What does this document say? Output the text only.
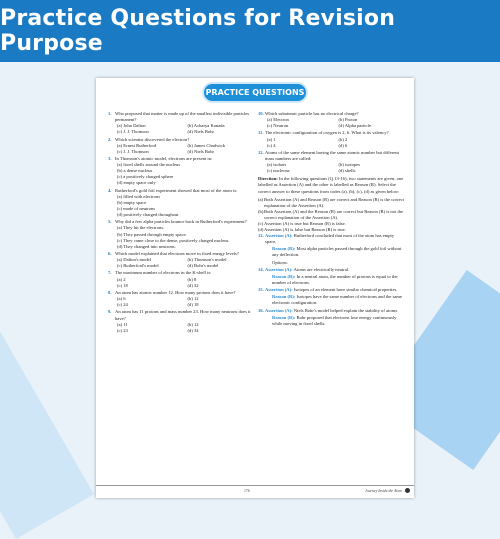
Practice Questions for Revision Purpose
PRACTICE QUESTIONS
1. Who proposed that matter is made up of the smallest indivisible particles permanent?
(a) John Dalton	(b) Acharya Kanada
(c) J. J. Thomson	(d) Niels Bohr
2. Which scientist discovered the electron?
(a) Ernest Rutherford	(b) James Chadwick
(c) J. J. Thomson	(d) Niels Bohr
3. In Thomson's atomic model, electrons are present in:
(a) fixed shells around the nucleus
(b) a dense nucleus
(c) a positively charged sphere
(d) empty space only
4. Rutherford's gold foil experiment showed that most of the atom is:
(a) filled with electrons
(b) empty space
(c) made of neutrons
(d) positively charged throughout
5. Why did a few alpha particles bounce back in Rutherford's experiment?
(a) They hit the electrons.
(b) They passed through empty space.
(c) They came close to the dense, positively charged nucleus.
(d) They changed into neutrons.
6. Which model explained that electrons move in fixed energy levels?
(a) Dalton's model	(b) Thomson's model
(c) Rutherford's model	(d) Bohr's model
7. The maximum number of electrons in the K-shell is:
(a) 2	(b) 8
(c) 18	(d) 32
8. An atom has atomic number 12. How many protons does it have?
(a) 6	(b) 12
(c) 24	(d) 18
9. An atom has 11 protons and mass number 23. How many neutrons does it have?
(a) 11	(b) 12
(c) 23	(d) 34
10. Which subatomic particle has no electrical charge?
(a) Electron	(b) Proton
(c) Neutron	(d) Alpha particle
11. The electronic configuration of oxygen is 2, 6. What is its valency?
(a) 1	(b) 2
(c) 4	(d) 6
12. Atoms of the same element having the same atomic number but different mass numbers are called:
(a) isobars	(b) isotopes
(c) nucleons	(d) shells
Direction: In the following questions (Q.13-16), two statements are given, one labelled as Assertion (A) and the other is labelled as Reason (R). Select the correct answer to these questions from codes (a), (b), (c), (d) as given below:
(a) Both Assertion (A) and Reason (R) are correct and Reason (R) is the correct explanation of the Assertion (A).
(b) Both Assertion (A) and the Reason (R) are correct but Reason (R) is not the correct explanation of the Assertion (A).
(c) Assertion (A) is true but Reason (R) is false.
(d) Assertion (A) is false but Reason (R) is true.
13. Assertion (A): Rutherford concluded that most of the atom has empty space.
Reason (R): Most alpha particles passed through the gold foil without any deflection.
Options:
14. Assertion (A): Atoms are electrically neutral.
Reason (R): In a neutral atom, the number of protons is equal to the number of electrons.
15. Assertion (A): Isotopes of an element have similar chemical properties.
Reason (R): Isotopes have the same number of electrons and the same electronic configuration.
16. Assertion (A): Niels Bohr's model helped explain the stability of atoms.
Reason (R): Bohr proposed that electrons lose energy continuously while moving in fixed shells.
176	Journey Inside the Atom
